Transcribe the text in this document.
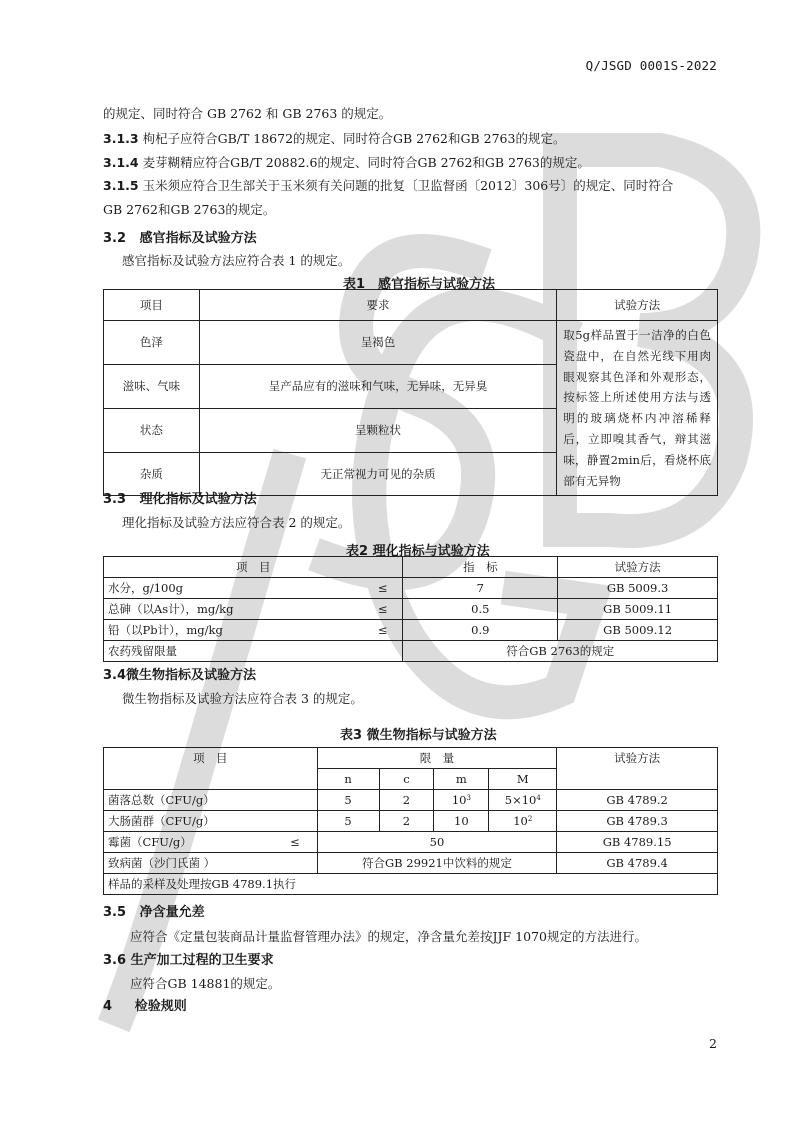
Q/JSGD 0001S-2022
的规定、同时符合 GB 2762 和 GB 2763 的规定。
3.1.3 枸杞子应符合GB/T 18672的规定、同时符合GB 2762和GB 2763的规定。
3.1.4 麦芽糊精应符合GB/T 20882.6的规定、同时符合GB 2762和GB 2763的规定。
3.1.5 玉米须应符合卫生部关于玉米须有关问题的批复〔卫监督函〔2012〕306号〕的规定、同时符合
GB 2762和GB 2763的规定。
3.2 感官指标及试验方法
感官指标及试验方法应符合表 1 的规定。
表1　感官指标与试验方法
项目	要求	试验方法
色泽	呈褐色	取5g样品置于一洁净的白色瓷盘中，在自然光线下用肉眼观察其色泽和外观形态，按标签上所述使用方法与透明的玻璃烧杯内冲溶稀释后，立即嗅其香气，辩其滋味，静置2min后，看烧杯底部有无异物
滋味、气味	呈产品应有的滋味和气味，无异味，无异臭	
状态	呈颗粒状	
杂质	无正常视力可见的杂质	
3.3 理化指标及试验方法
理化指标及试验方法应符合表 2 的规定。
表2 理化指标与试验方法
项　目		指　标	试验方法
水分，g/100g	≤	7	GB 5009.3
总砷（以As计），mg/kg	≤	0.5	GB 5009.11
铅（以Pb计），mg/kg	≤	0.9	GB 5009.12
农药残留限量		符合GB 2763的规定	
3.4微生物指标及试验方法
微生物指标及试验方法应符合表 3 的规定。
表3 微生物指标与试验方法
项　目		限　量				试验方法
		n	c	m	M	
菌落总数（CFU/g）		5	2	$10^3$	$5\times 10^4$	GB 4789.2
大肠菌群（CFU/g）		5	2	10	$10^2$	GB 4789.3
霉菌（CFU/g）	≤	50				GB 4789.15
致病菌（沙门氏菌 ）		符合GB 29921中饮料的规定				GB 4789.4
样品的采样及处理按GB 4789.1执行						
3.5 净含量允差
应符合《定量包装商品计量监督管理办法》的规定，净含量允差按JJF 1070规定的方法进行。
3.6 生产加工过程的卫生要求
应符合GB 14881的规定。
4 检验规则
2
